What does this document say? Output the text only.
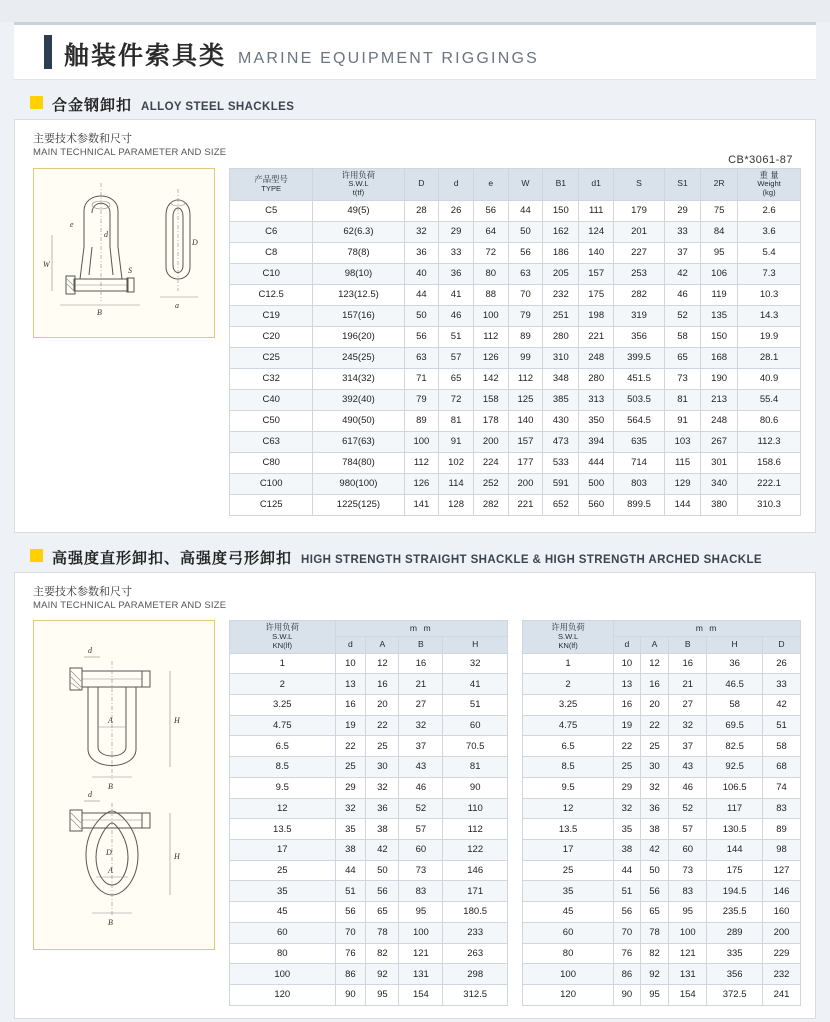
舳装件索具类 MARINE EQUIPMENT RIGGINGS
合金钢卸扣 ALLOY STEEL SHACKLES
主要技术参数和尺寸
MAIN TECHNICAL PARAMETER AND SIZE
CB*3061-87
B
W
d
e
S
a
D
产品型号
TYPE	许用负荷
S.W.L
t(tf)	D	d	e	W	B1	d1	S	S1	2R	重 量
Weight
(kg)

C5	49(5)	28	26	56	44	150	111	179	29	75	2.6
C6	62(6.3)	32	29	64	50	162	124	201	33	84	3.6
C8	78(8)	36	33	72	56	186	140	227	37	95	5.4
C10	98(10)	40	36	80	63	205	157	253	42	106	7.3
C12.5	123(12.5)	44	41	88	70	232	175	282	46	119	10.3
C19	157(16)	50	46	100	79	251	198	319	52	135	14.3
C20	196(20)	56	51	112	89	280	221	356	58	150	19.9
C25	245(25)	63	57	126	99	310	248	399.5	65	168	28.1
C32	314(32)	71	65	142	112	348	280	451.5	73	190	40.9
C40	392(40)	79	72	158	125	385	313	503.5	81	213	55.4
C50	490(50)	89	81	178	140	430	350	564.5	91	248	80.6
C63	617(63)	100	91	200	157	473	394	635	103	267	112.3
C80	784(80)	112	102	224	177	533	444	714	115	301	158.6
C100	980(100)	126	114	252	200	591	500	803	129	340	222.1
C125	1225(125)	141	128	282	221	652	560	899.5	144	380	310.3
高强度直形卸扣、高强度弓形卸扣 HIGH STRENGTH STRAIGHT SHACKLE & HIGH STRENGTH ARCHED SHACKLE
主要技术参数和尺寸
MAIN TECHNICAL PARAMETER AND SIZE
d
H
A
B
d
H
D
A
B
许用负荷
S.W.L
KN(lf)	m m			
	d	A	B	H
1	10	12	16	32
2	13	16	21	41
3.25	16	20	27	51
4.75	19	22	32	60
6.5	22	25	37	70.5
8.5	25	30	43	81
9.5	29	32	46	90
12	32	36	52	110
13.5	35	38	57	112
17	38	42	60	122
25	44	50	73	146
35	51	56	83	171
45	56	65	95	180.5
60	70	78	100	233
80	76	82	121	263
100	86	92	131	298
120	90	95	154	312.5
许用负荷
S.W.L
KN(lf)	m m				
	d	A	B	H	D
1	10	12	16	36	26
2	13	16	21	46.5	33
3.25	16	20	27	58	42
4.75	19	22	32	69.5	51
6.5	22	25	37	82.5	58
8.5	25	30	43	92.5	68
9.5	29	32	46	106.5	74
12	32	36	52	117	83
13.5	35	38	57	130.5	89
17	38	42	60	144	98
25	44	50	73	175	127
35	51	56	83	194.5	146
45	56	65	95	235.5	160
60	70	78	100	289	200
80	76	82	121	335	229
100	86	92	131	356	232
120	90	95	154	372.5	241
